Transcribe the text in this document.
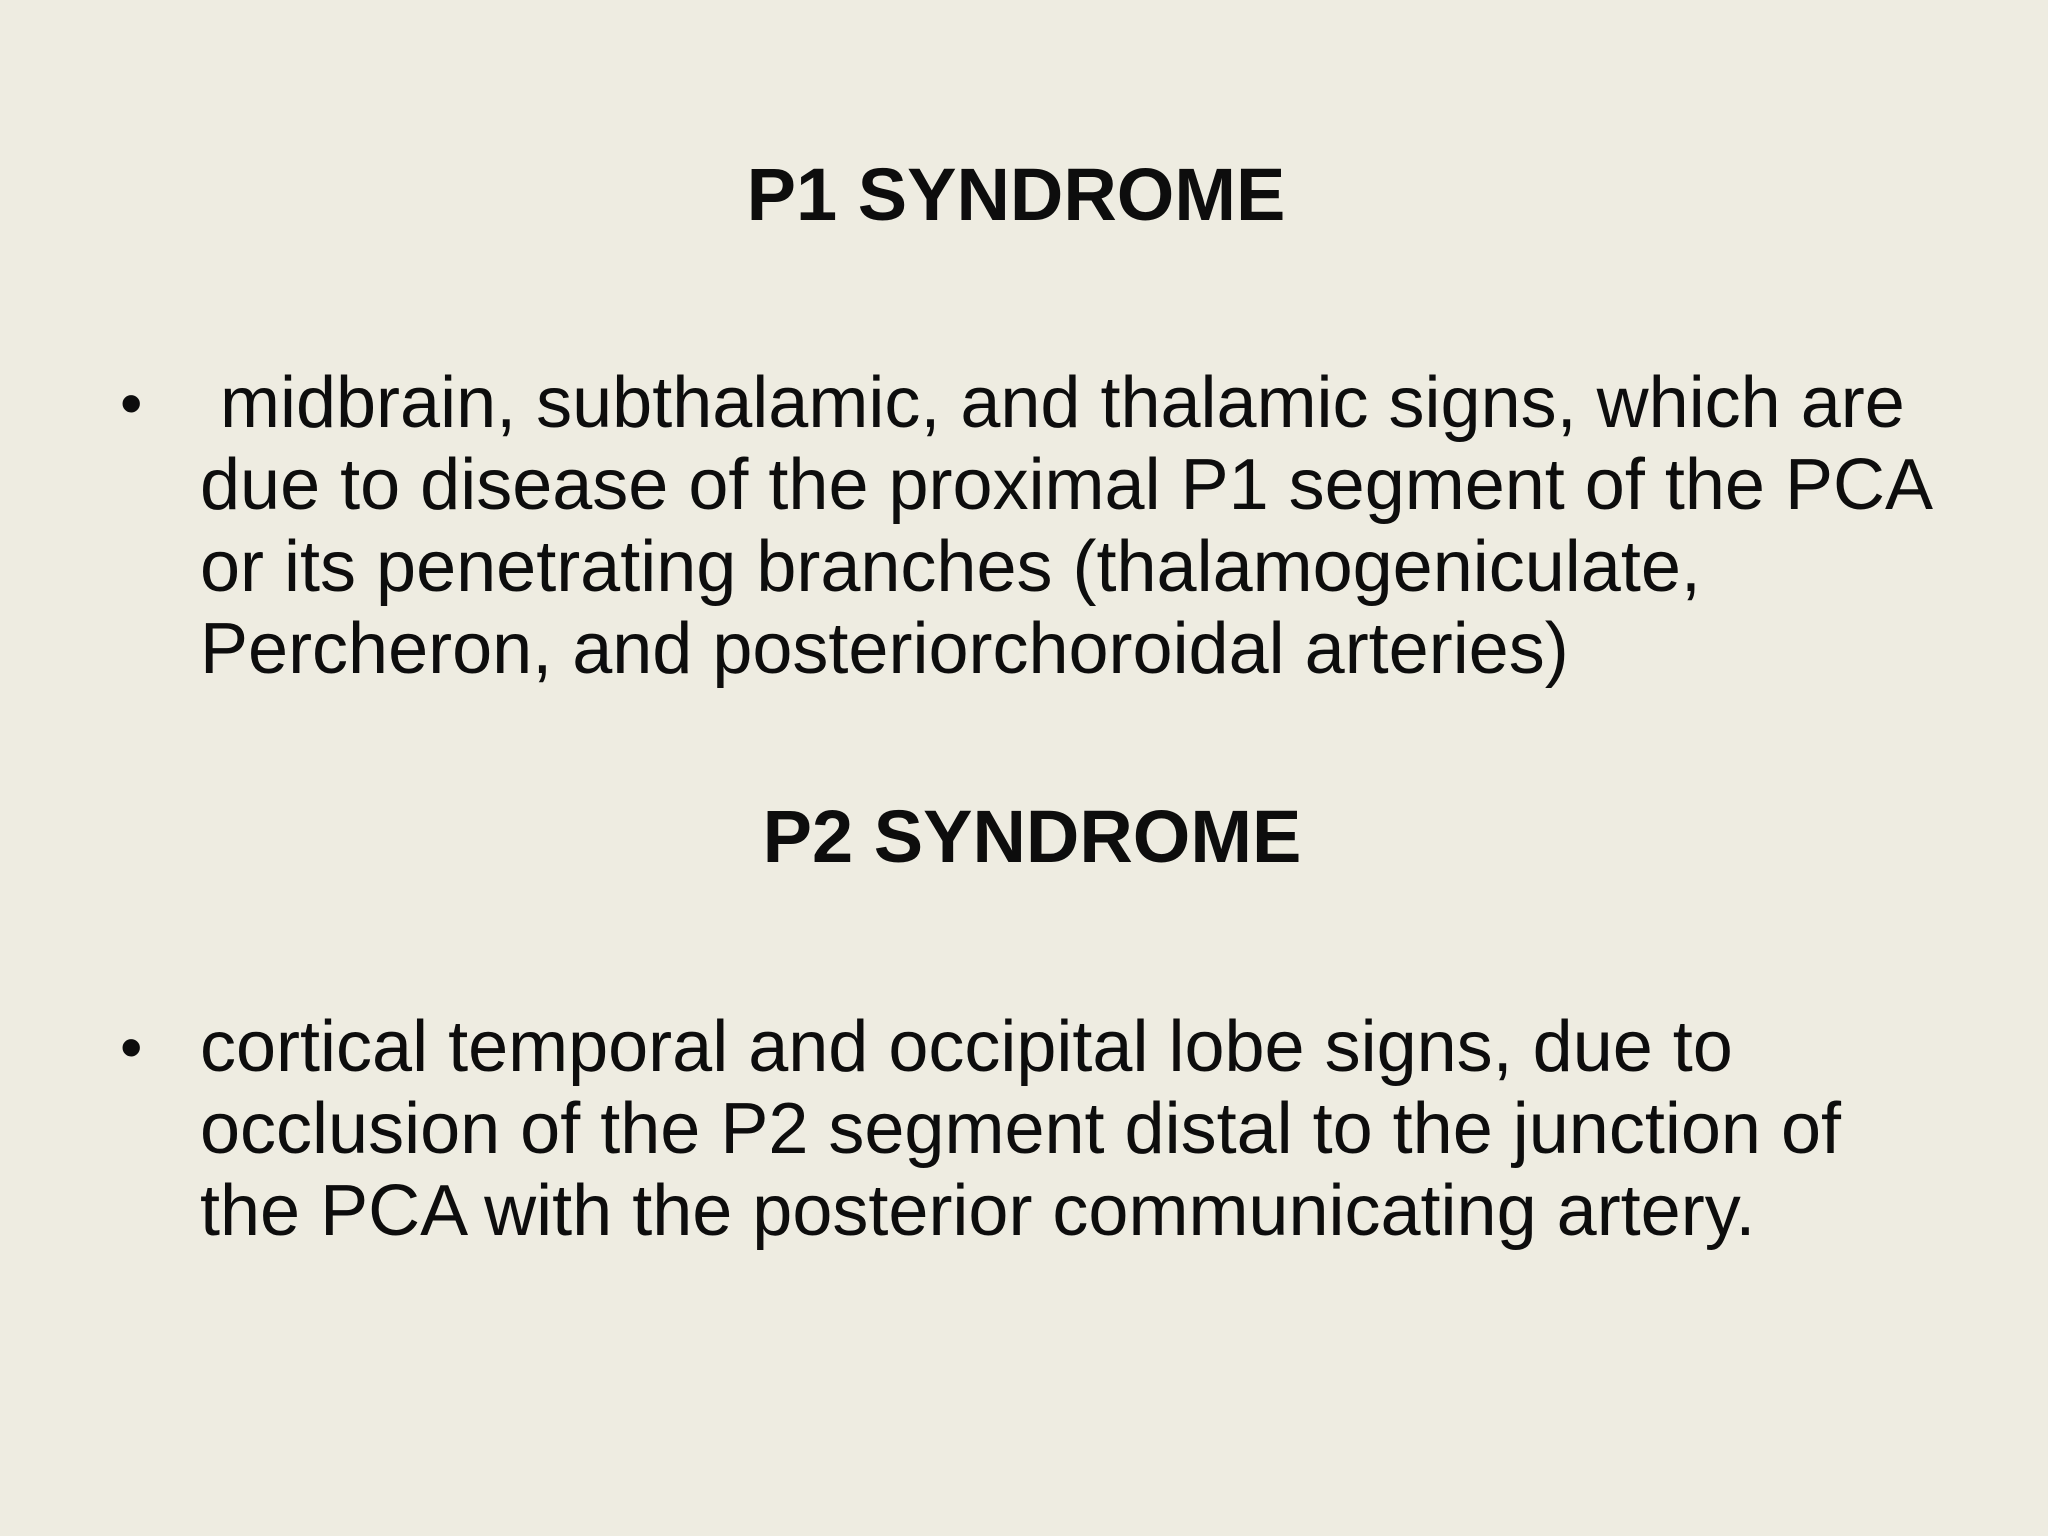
P1 SYNDROME
•	midbrain, subthalamic, and thalamic signs, which are due to disease of the proximal P1 segment of the PCA or its penetrating branches (thalamogeniculate, Percheron, and posteriorchoroidal arteries)
P2 SYNDROME
• cortical temporal and occipital lobe signs, due to occlusion of the P2 segment distal to the junction of the PCA with the posterior communicating artery.
